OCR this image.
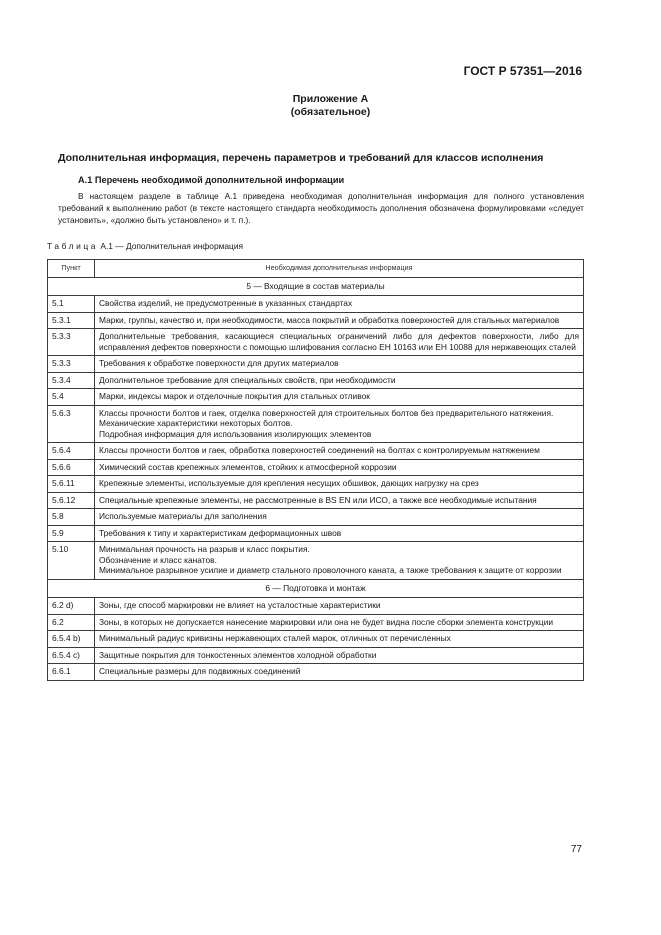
ГОСТ Р 57351—2016
Приложение А
(обязательное)
Дополнительная информация, перечень параметров и требований для классов исполнения
А.1 Перечень необходимой дополнительной информации
В настоящем разделе в таблице А.1 приведена необходимая дополнительная информация для полного установления требований к выполнению работ (в тексте настоящего стандарта необходимость дополнения обозначена формулировками «следует установить», «должно быть установлено» и т. п.).
Таблица А.1 — Дополнительная информация
Пункт	Необходимая дополнительная информация
5 — Входящие в состав материалы	
5.1	Свойства изделий, не предусмотренные в указанных стандартах

5.3.1	Марки, группы, качество и, при необходимости, масса покрытий и обработка поверхностей для стальных материалов

5.3.3	Дополнительные требования, касающиеся специальных ограничений либо для дефектов поверхности, либо для исправления дефектов поверхности с помощью шлифования согласно ЕН 10163 или ЕН 10088 для нержавеющих сталей

5.3.3	Требования к обработке поверхности для других материалов

5.3.4	Дополнительное требование для специальных свойств, при необходимости

5.4	Марки, индексы марок и отделочные покрытия для стальных отливок

5.6.3	Классы прочности болтов и гаек, отделка поверхностей для строительных болтов без предварительного натяжения.
Механические характеристики некоторых болтов.
Подробная информация для использования изолирующих элементов

5.6.4	Классы прочности болтов и гаек, обработка поверхностей соединений на болтах с контролируемым натяжением

5.6.6	Химический состав крепежных элементов, стойких к атмосферной коррозии

5.6.11	Крепежные элементы, используемые для крепления несущих обшивок, дающих нагрузку на срез

5.6.12	Специальные крепежные элементы, не рассмотренные в BS EN или ИСО, а также все необходимые испытания

5.8	Используемые материалы для заполнения

5.9	Требования к типу и характеристикам деформационных швов

5.10	Минимальная прочность на разрыв и класс покрытия.
Обозначение и класс канатов.
Минимальное разрывное усилие и диаметр стального проволочного каната, а также требования к защите от коррозии

6 — Подготовка и монтаж	
6.2 d)	Зоны, где способ маркировки не влияет на усталостные характеристики

6.2	Зоны, в которых не допускается нанесение маркировки или она не будет видна после сборки элемента конструкции

6.5.4 b)	Минимальный радиус кривизны нержавеющих сталей марок, отличных от перечисленных

6.5.4 c)	Защитные покрытия для тонкостенных элементов холодной обработки

6.6.1	Специальные размеры для подвижных соединений
77
